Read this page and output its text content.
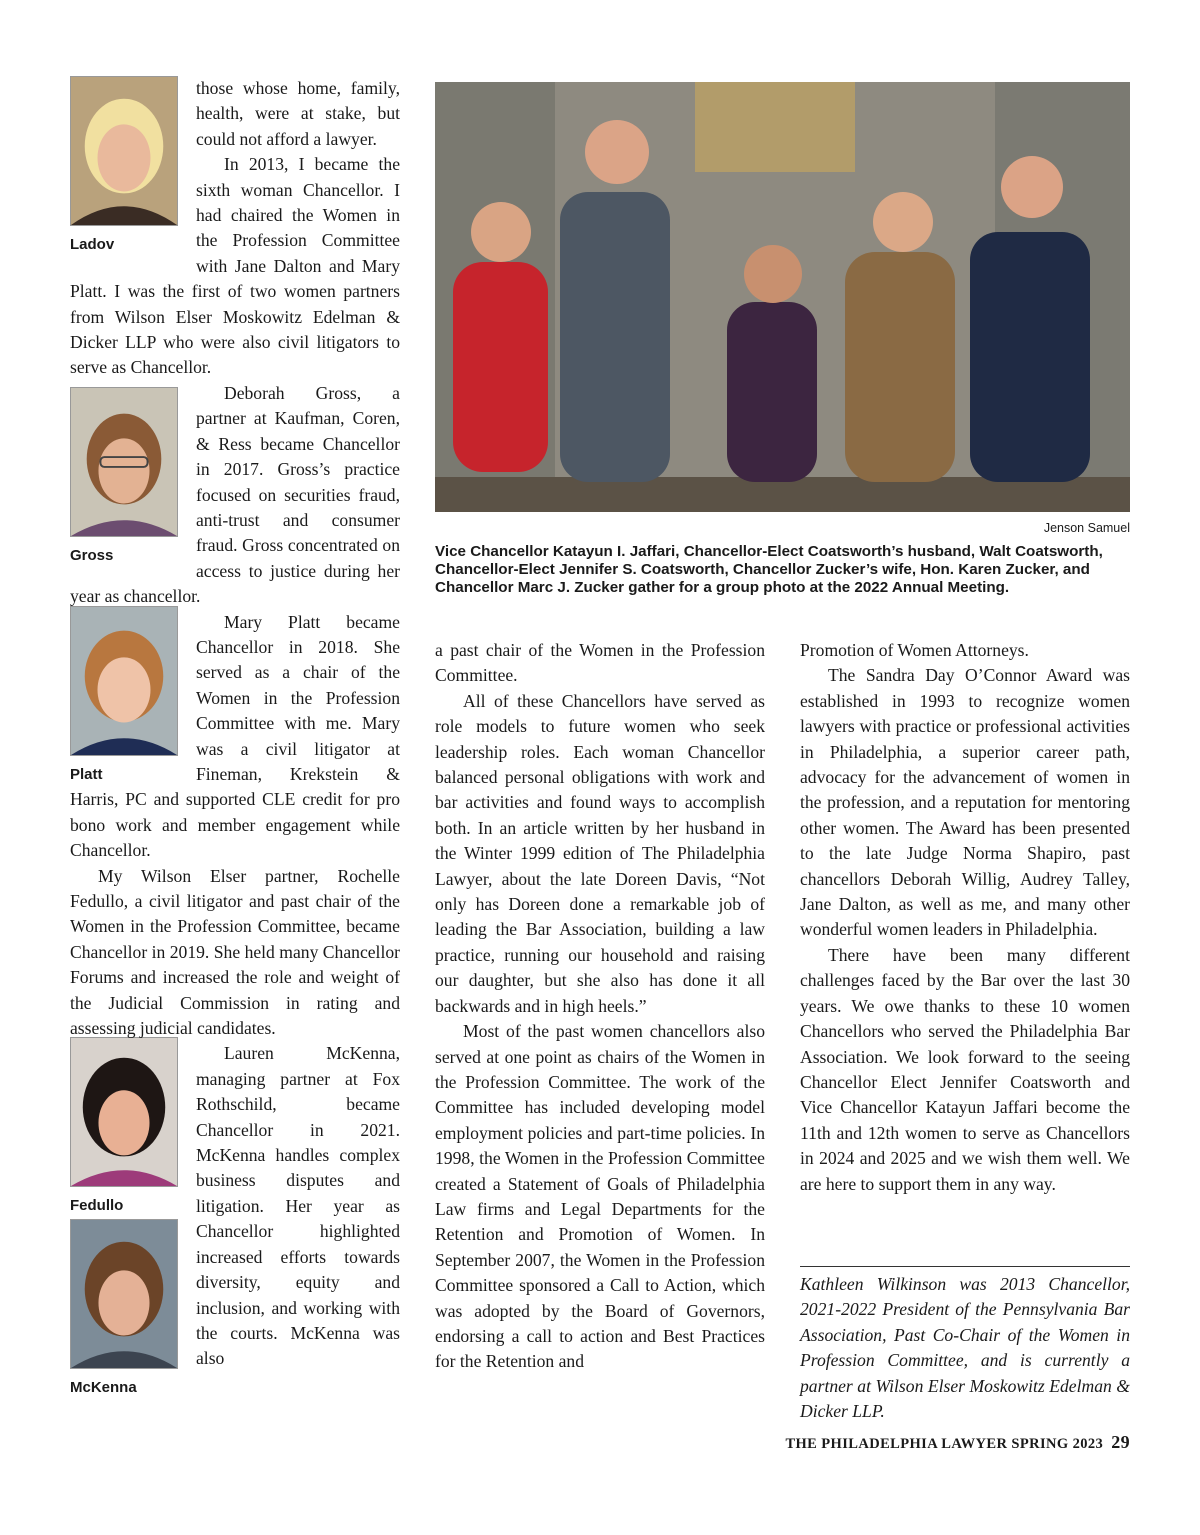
Ladov

those whose home, family, health, were at stake, but could not afford a lawyer.

In 2013, I became the sixth woman Chancellor. I had chaired the Women in the Profession Committee with Jane Dalton and Mary Platt. I was the first of two women partners from Wilson Elser Moskowitz Edelman & Dicker LLP who were also civil litigators to serve as Chancellor.

Gross

Deborah Gross, a partner at Kaufman, Coren, & Ress became Chancellor in 2017. Gross’s practice focused on securities fraud, anti-trust and consumer fraud. Gross concentrated on access to justice during her year as chancellor.

Platt

Mary Platt became Chancellor in 2018. She served as a chair of the Women in the Profession Committee with me. Mary was a civil litigator at Fineman, Krekstein & Harris, PC and supported CLE credit for pro bono work and member engagement while Chancellor.

My Wilson Elser partner, Rochelle Fedullo, a civil litigator and past chair of the Women in the Profession Committee, became Chancellor in 2019. She held many Chancellor Forums and increased the role and weight of the Judicial Commission in rating and assessing judicial candidates.

Fedullo
McKenna

Lauren McKenna, managing partner at Fox Rothschild, became Chancellor in 2021. McKenna handles complex business disputes and litigation. Her year as Chancellor highlighted increased efforts towards diversity, equity and inclusion, and working with the courts. McKenna was also

Jenson Samuel
Vice Chancellor Katayun I. Jaffari, Chancellor-Elect Coatsworth’s husband, Walt Coatsworth, Chancellor-Elect Jennifer S. Coatsworth, Chancellor Zucker’s wife, Hon. Karen Zucker, and Chancellor Marc J. Zucker gather for a group photo at the 2022 Annual Meeting.

a past chair of the Women in the Profession Committee.

All of these Chancellors have served as role models to future women who seek leadership roles. Each woman Chancellor balanced personal obligations with work and bar activities and found ways to accomplish both. In an article written by her husband in the Winter 1999 edition of The Philadelphia Lawyer, about the late Doreen Davis, “Not only has Doreen done a remarkable job of leading the Bar Association, building a law practice, running our household and raising our daughter, but she also has done it all backwards and in high heels.”

Most of the past women chancellors also served at one point as chairs of the Women in the Profession Committee. The work of the Committee has included developing model employment policies and part-time policies. In 1998, the Women in the Profession Committee created a Statement of Goals of Philadelphia Law firms and Legal Departments for the Retention and Promotion of Women. In September 2007, the Women in the Profession Committee sponsored a Call to Action, which was adopted by the Board of Governors, endorsing a call to action and Best Practices for the Retention and

Promotion of Women Attorneys.

The Sandra Day O’Connor Award was established in 1993 to recognize women lawyers with practice or professional activities in Philadelphia, a superior career path, advocacy for the advancement of women in the profession, and a reputation for mentoring other women. The Award has been presented to the late Judge Norma Shapiro, past chancellors Deborah Willig, Audrey Talley, Jane Dalton, as well as me, and many other wonderful women leaders in Philadelphia.

There have been many different challenges faced by the Bar over the last 30 years. We owe thanks to these 10 women Chancellors who served the Philadelphia Bar Association. We look forward to the seeing Chancellor Elect Jennifer Coatsworth and Vice Chancellor Katayun Jaffari become the 11th and 12th women to serve as Chancellors in 2024 and 2025 and we wish them well. We are here to support them in any way.

Kathleen Wilkinson was 2013 Chancellor, 2021-2022 President of the Pennsylvania Bar Association, Past Co-Chair of the Women in Profession Committee, and is currently a partner at Wilson Elser Moskowitz Edelman & Dicker LLP.
THE PHILADELPHIA LAWYER SPRING 2023 29
